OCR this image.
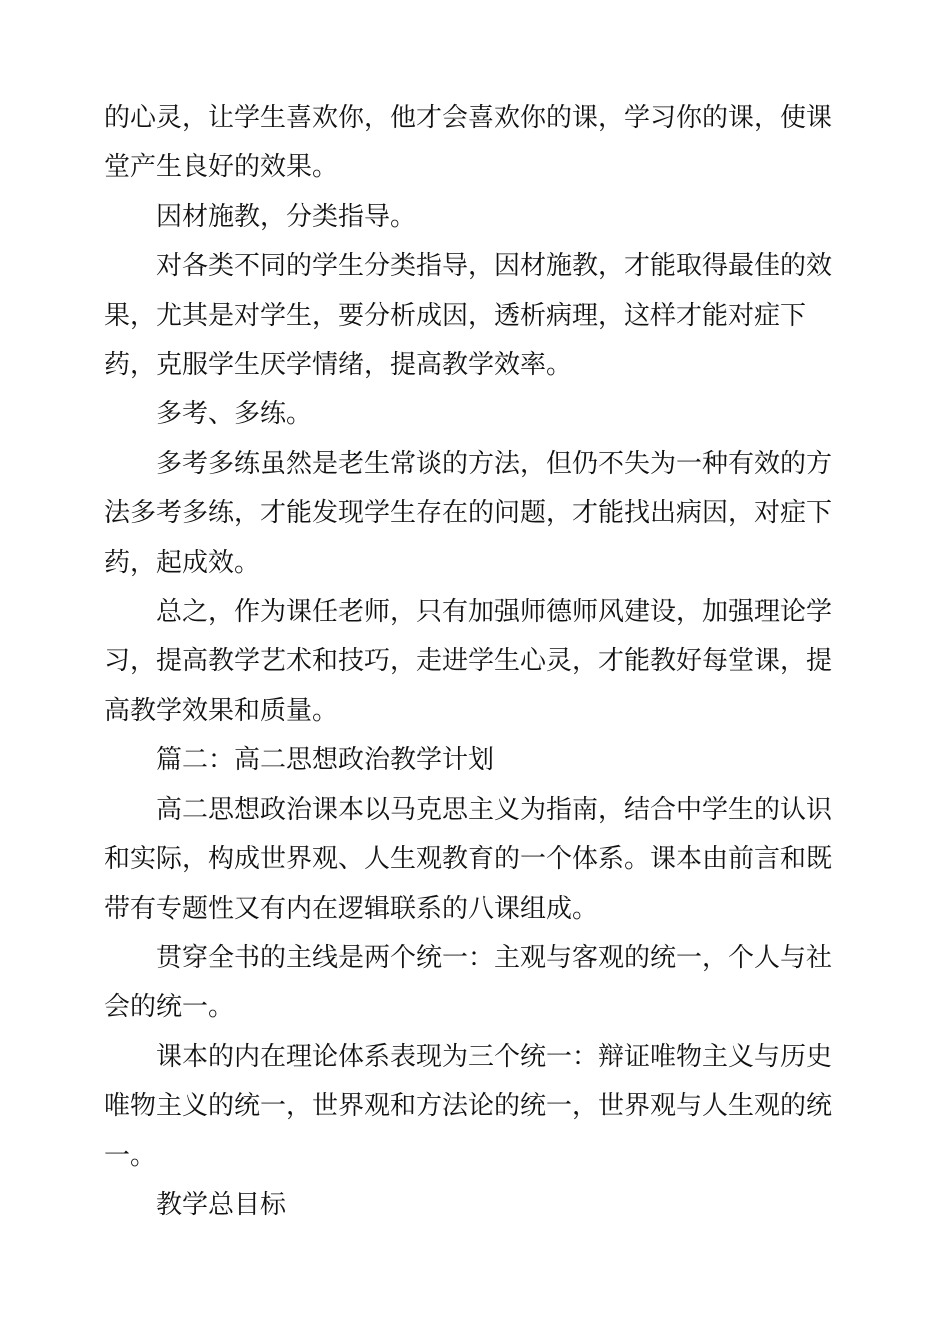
的心灵，让学生喜欢你，他才会喜欢你的课，学习你的课，使课堂产生良好的效果。

因材施教，分类指导。

对各类不同的学生分类指导，因材施教，才能取得最佳的效果，尤其是对学生，要分析成因，透析病理，这样才能对症下药，克服学生厌学情绪，提高教学效率。

多考、多练。

多考多练虽然是老生常谈的方法，但仍不失为一种有效的方法多考多练，才能发现学生存在的问题，才能找出病因，对症下药，起成效。

总之，作为课任老师，只有加强师德师风建设，加强理论学习，提高教学艺术和技巧，走进学生心灵，才能教好每堂课，提高教学效果和质量。

篇二：高二思想政治教学计划

高二思想政治课本以马克思主义为指南，结合中学生的认识和实际，构成世界观、人生观教育的一个体系。课本由前言和既带有专题性又有内在逻辑联系的八课组成。

贯穿全书的主线是两个统一：主观与客观的统一，个人与社会的统一。

课本的内在理论体系表现为三个统一：辩证唯物主义与历史唯物主义的统一，世界观和方法论的统一，世界观与人生观的统一。

教学总目标
